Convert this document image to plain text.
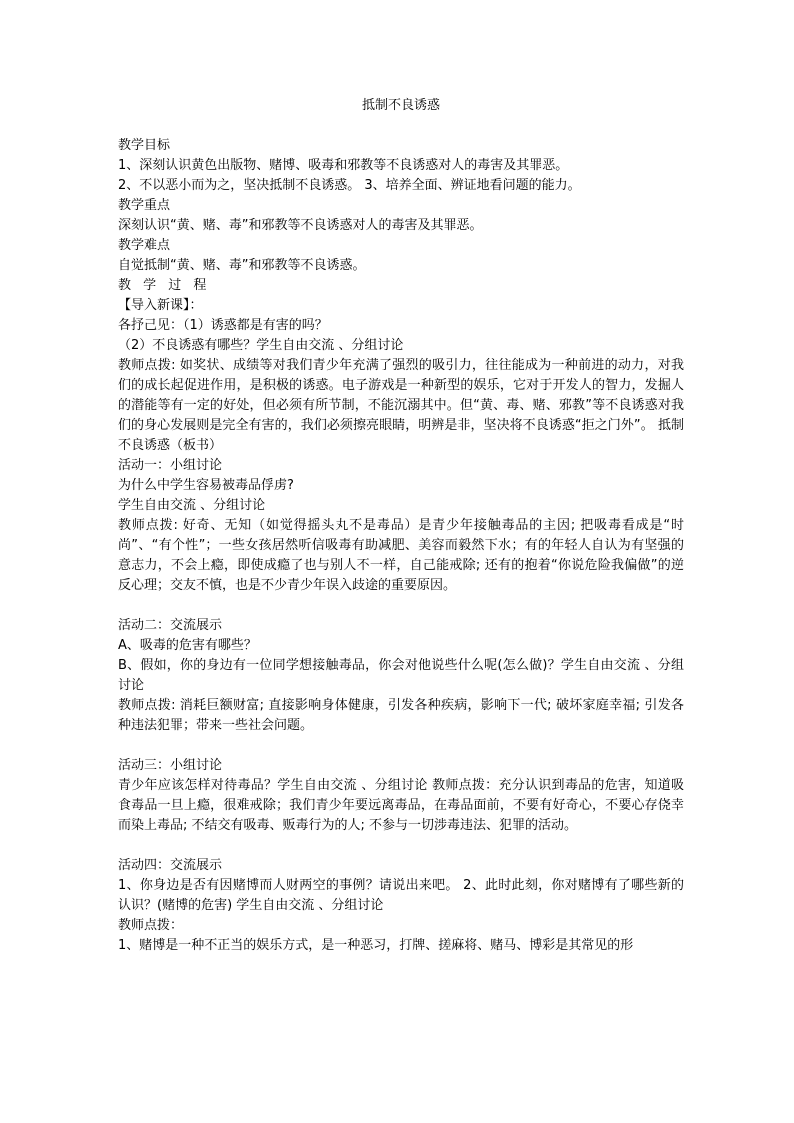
抵制不良诱惑
教学目标
1、深刻认识黄色出版物、赌博、吸毒和邪教等不良诱惑对人的毒害及其罪恶。
2、不以恶小而为之，坚决抵制不良诱惑。 3、培养全面、辨证地看问题的能力。
教学重点
深刻认识“黄、赌、毒”和邪教等不良诱惑对人的毒害及其罪恶。
教学难点
自觉抵制“黄、赌、毒”和邪教等不良诱惑。
教 学 过 程
【导入新课】：
各抒己见：（1）诱惑都是有害的吗？
（2）不良诱惑有哪些？学生自由交流 、分组讨论
教师点拨: 如奖状、成绩等对我们青少年充满了强烈的吸引力，往往能成为一种前进的动力，对我们的成长起促进作用，是积极的诱惑。电子游戏是一种新型的娱乐，它对于开发人的智力，发掘人的潜能等有一定的好处，但必须有所节制，不能沉溺其中。但“黄、毒、赌、邪教”等不良诱惑对我们的身心发展则是完全有害的，我们必须擦亮眼睛，明辨是非，坚决将不良诱惑“拒之门外”。 抵制不良诱惑（板书）
活动一：小组讨论
为什么中学生容易被毒品俘虏?
学生自由交流 、分组讨论
教师点拨: 好奇、无知（如觉得摇头丸不是毒品）是青少年接触毒品的主因; 把吸毒看成是“时尚”、“有个性”；一些女孩居然听信吸毒有助减肥、美容而毅然下水；有的年轻人自认为有坚强的意志力，不会上瘾，即使成瘾了也与别人不一样，自己能戒除; 还有的抱着“你说危险我偏做”的逆反心理；交友不慎，也是不少青少年误入歧途的重要原因。
活动二：交流展示
A、吸毒的危害有哪些？
B、假如，你的身边有一位同学想接触毒品，你会对他说些什么呢(怎么做)？学生自由交流 、分组讨论
教师点拨: 消耗巨额财富; 直接影响身体健康，引发各种疾病，影响下一代; 破坏家庭幸福; 引发各种违法犯罪；带来一些社会问题。
活动三：小组讨论
青少年应该怎样对待毒品？学生自由交流 、分组讨论 教师点拨：充分认识到毒品的危害，知道吸食毒品一旦上瘾，很难戒除；我们青少年要远离毒品，在毒品面前，不要有好奇心，不要心存侥幸而染上毒品; 不结交有吸毒、贩毒行为的人; 不参与一切涉毒违法、犯罪的活动。
活动四：交流展示
1、你身边是否有因赌博而人财两空的事例？请说出来吧。 2、此时此刻，你对赌博有了哪些新的认识？(赌博的危害) 学生自由交流 、分组讨论
教师点拨：
1、赌博是一种不正当的娱乐方式，是一种恶习，打牌、搓麻将、赌马、博彩是其常见的形
